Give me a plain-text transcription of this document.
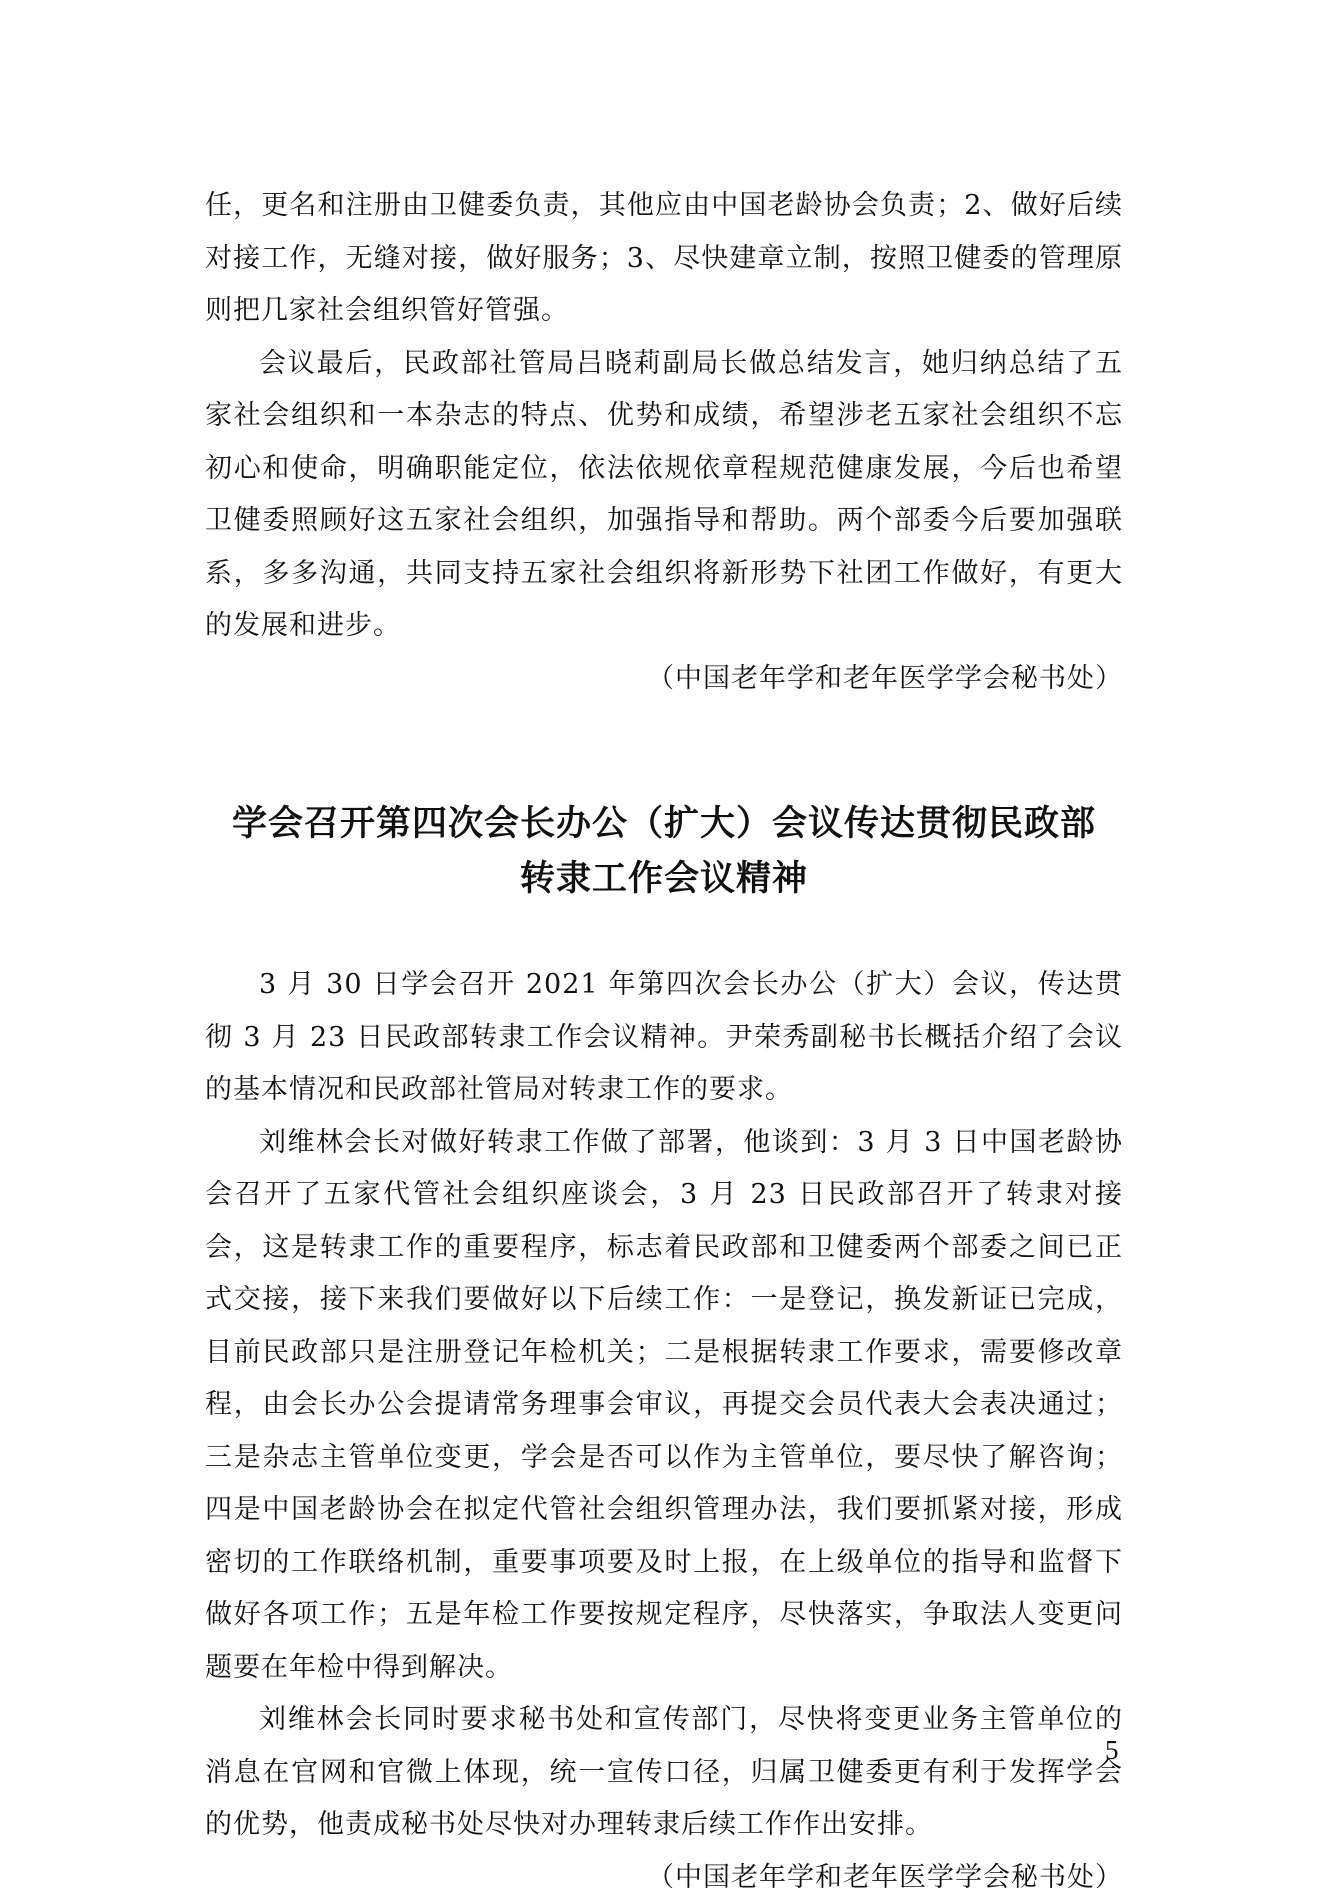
任，更名和注册由卫健委负责，其他应由中国老龄协会负责；2、做好后续对接工作，无缝对接，做好服务；3、尽快建章立制，按照卫健委的管理原则把几家社会组织管好管强。

会议最后，民政部社管局吕晓莉副局长做总结发言，她归纳总结了五家社会组织和一本杂志的特点、优势和成绩，希望涉老五家社会组织不忘初心和使命，明确职能定位，依法依规依章程规范健康发展，今后也希望卫健委照顾好这五家社会组织，加强指导和帮助。两个部委今后要加强联系，多多沟通，共同支持五家社会组织将新形势下社团工作做好，有更大的发展和进步。

（中国老年学和老年医学学会秘书处）

学会召开第四次会长办公（扩大）会议传达贯彻民政部
转隶工作会议精神

3 月 30 日学会召开 2021 年第四次会长办公（扩大）会议，传达贯彻 3 月 23 日民政部转隶工作会议精神。尹荣秀副秘书长概括介绍了会议的基本情况和民政部社管局对转隶工作的要求。

刘维林会长对做好转隶工作做了部署，他谈到：3 月 3 日中国老龄协会召开了五家代管社会组织座谈会，3 月 23 日民政部召开了转隶对接会，这是转隶工作的重要程序，标志着民政部和卫健委两个部委之间已正式交接，接下来我们要做好以下后续工作：一是登记，换发新证已完成，目前民政部只是注册登记年检机关；二是根据转隶工作要求，需要修改章程，由会长办公会提请常务理事会审议，再提交会员代表大会表决通过；三是杂志主管单位变更，学会是否可以作为主管单位，要尽快了解咨询；四是中国老龄协会在拟定代管社会组织管理办法，我们要抓紧对接，形成密切的工作联络机制，重要事项要及时上报，在上级单位的指导和监督下做好各项工作；五是年检工作要按规定程序，尽快落实，争取法人变更问题要在年检中得到解决。

刘维林会长同时要求秘书处和宣传部门，尽快将变更业务主管单位的消息在官网和官微上体现，统一宣传口径，归属卫健委更有利于发挥学会的优势，他责成秘书处尽快对办理转隶后续工作作出安排。

（中国老年学和老年医学学会秘书处）

5
